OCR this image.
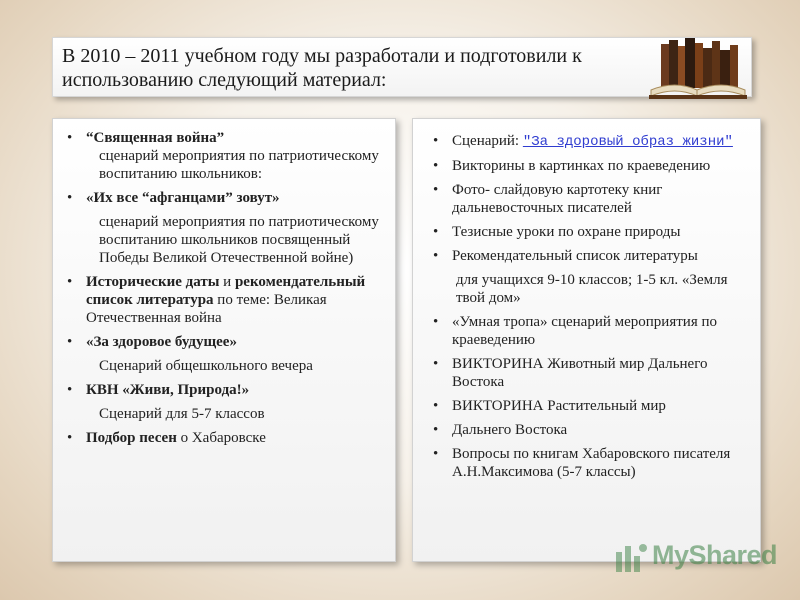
В 2010 – 2011 учебном году мы разработали и подготовили к
использованию следующий материал:
• “Священная война”
сценарий мероприятия по патриотическому воспитанию школьников:
• «Их все “афганцами” зовут»
сценарий мероприятия по патриотическому воспитанию школьников посвященный Победы Великой Отечественной войне)
• Исторические даты и рекомендательный список литература по теме: Великая Отечественная война
• «За здоровое будущее»
Сценарий общешкольного вечера
• КВН «Живи, Природа!»
Сценарий для 5-7 классов
• Подбор песен о Хабаровске
• Сценарий: "За здоровый образ жизни"
• Викторины в картинках по краеведению
• Фото- слайдовую картотеку книг дальневосточных писателей
• Тезисные уроки по охране природы
• Рекомендательный список литературы
для учащихся 9-10 классов; 1-5 кл. «Земля твой дом»
• «Умная тропа» сценарий мероприятия по краеведению
• ВИКТОРИНА Животный мир Дальнего Востока
• ВИКТОРИНА Растительный мир
• Дальнего Востока
• Вопросы по книгам Хабаровского писателя А.Н.Максимова (5-7 классы)
MyShared
